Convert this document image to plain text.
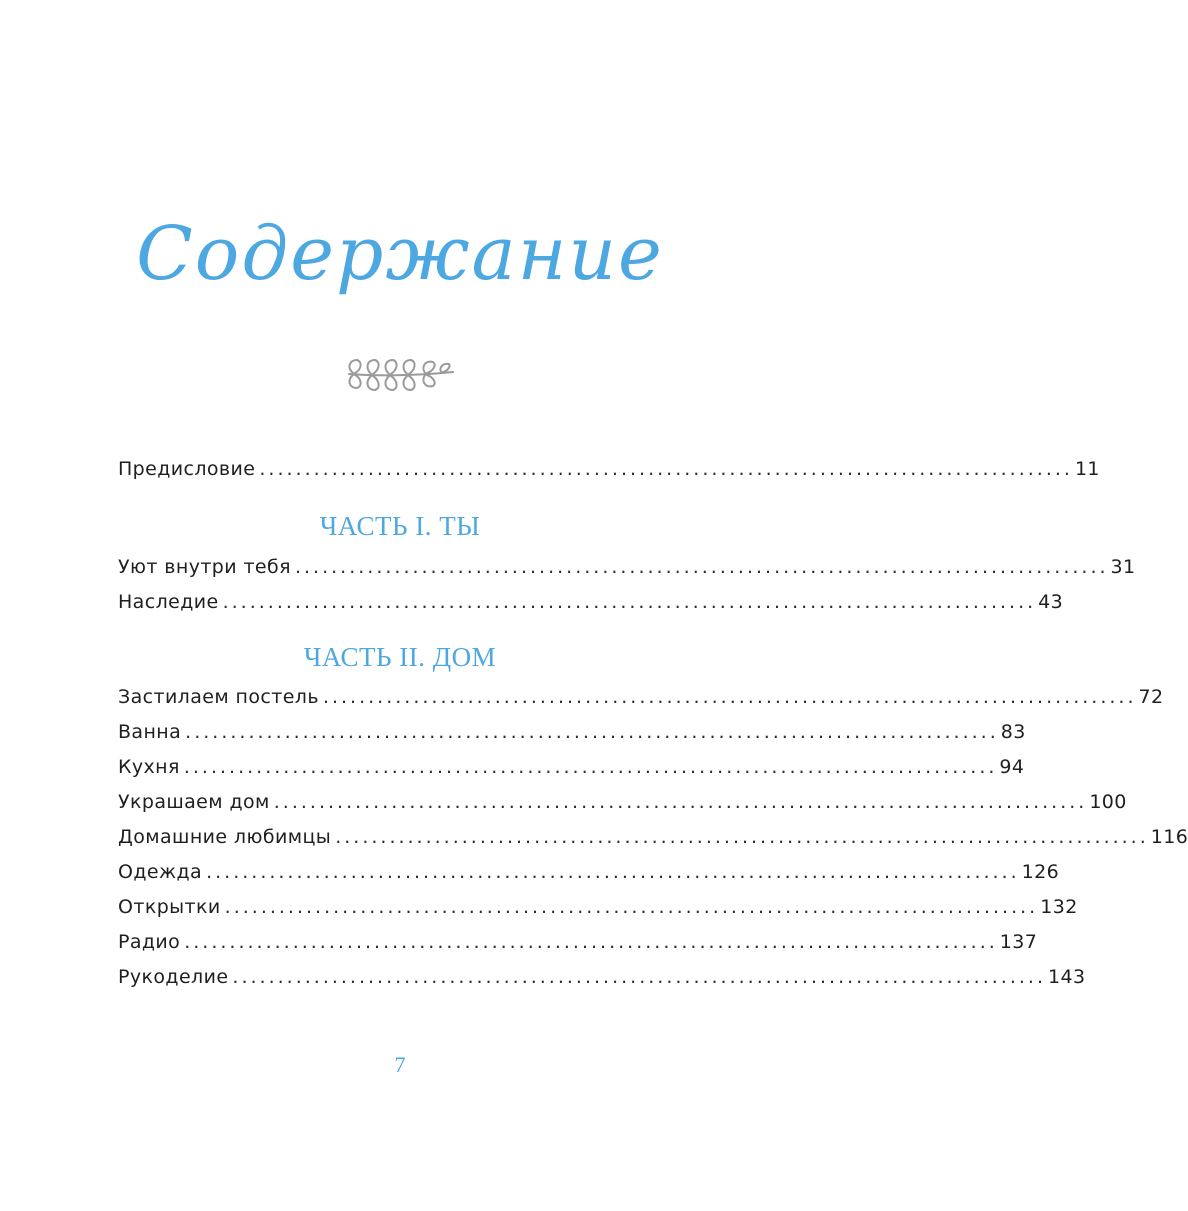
Содержание
Предисловие .......................................................................................... 11
ЧАСТЬ I. ТЫ
Уют внутри тебя .......................................................................................... 31
Наследие .......................................................................................... 43
ЧАСТЬ II. ДОМ
Застилаем постель .......................................................................................... 72
Ванна .......................................................................................... 83
Кухня .......................................................................................... 94
Украшаем дом .......................................................................................... 100
Домашние любимцы .......................................................................................... 116
Одежда .......................................................................................... 126
Открытки .......................................................................................... 132
Радио .......................................................................................... 137
Рукоделие .......................................................................................... 143
7
